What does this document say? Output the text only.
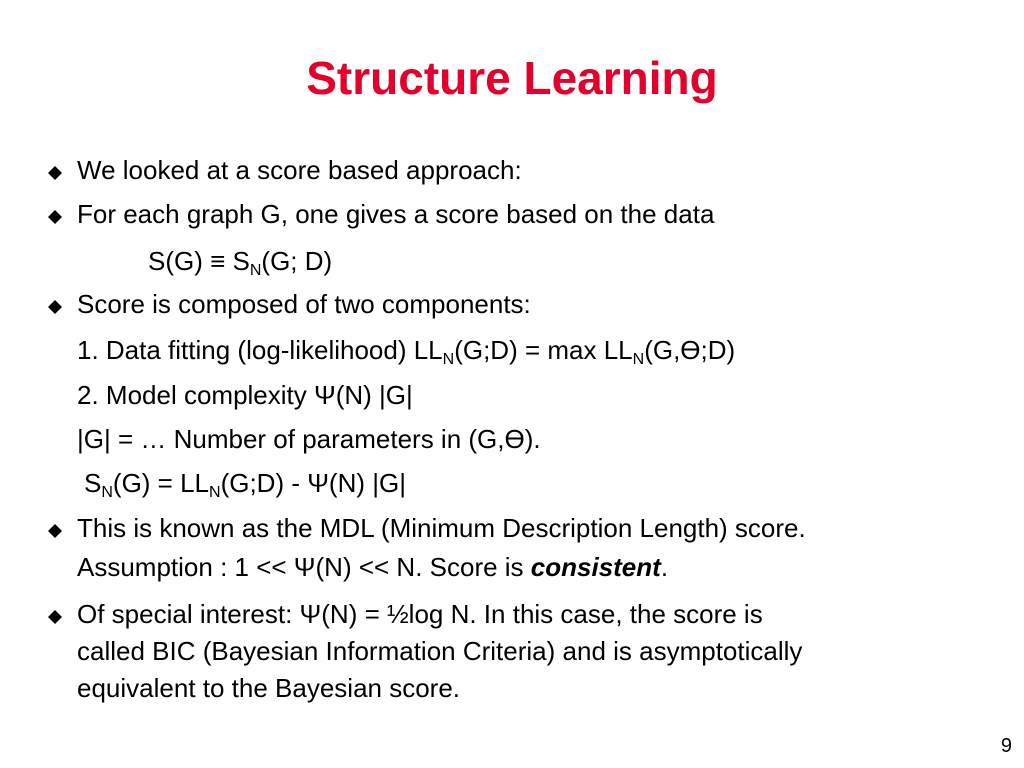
Structure Learning
We looked at a score based approach:
For each graph G, one gives a score based on the data
$S(G) \equiv S_N(G$; D)
Score is composed of two components:
1. Data fitting (log-likelihood) $LL_N(G;D) = \max$ $LL_N(G,Ө;D)$
2. Model complexity Ψ(N) |G|
|G| = … Number of parameters in (G,Ө).
$S_N(G)$ = $LL_N(G;D) - \Psi(N)$ |G|
This is known as the MDL (Minimum Description Length) score.
Assumption : 1 << Ψ(N) << N. Score is consistent.
Of special interest: Ψ(N) = ½log N. In this case, the score is
called BIC (Bayesian Information Criteria) and is asymptotically
equivalent to the Bayesian score.
9
